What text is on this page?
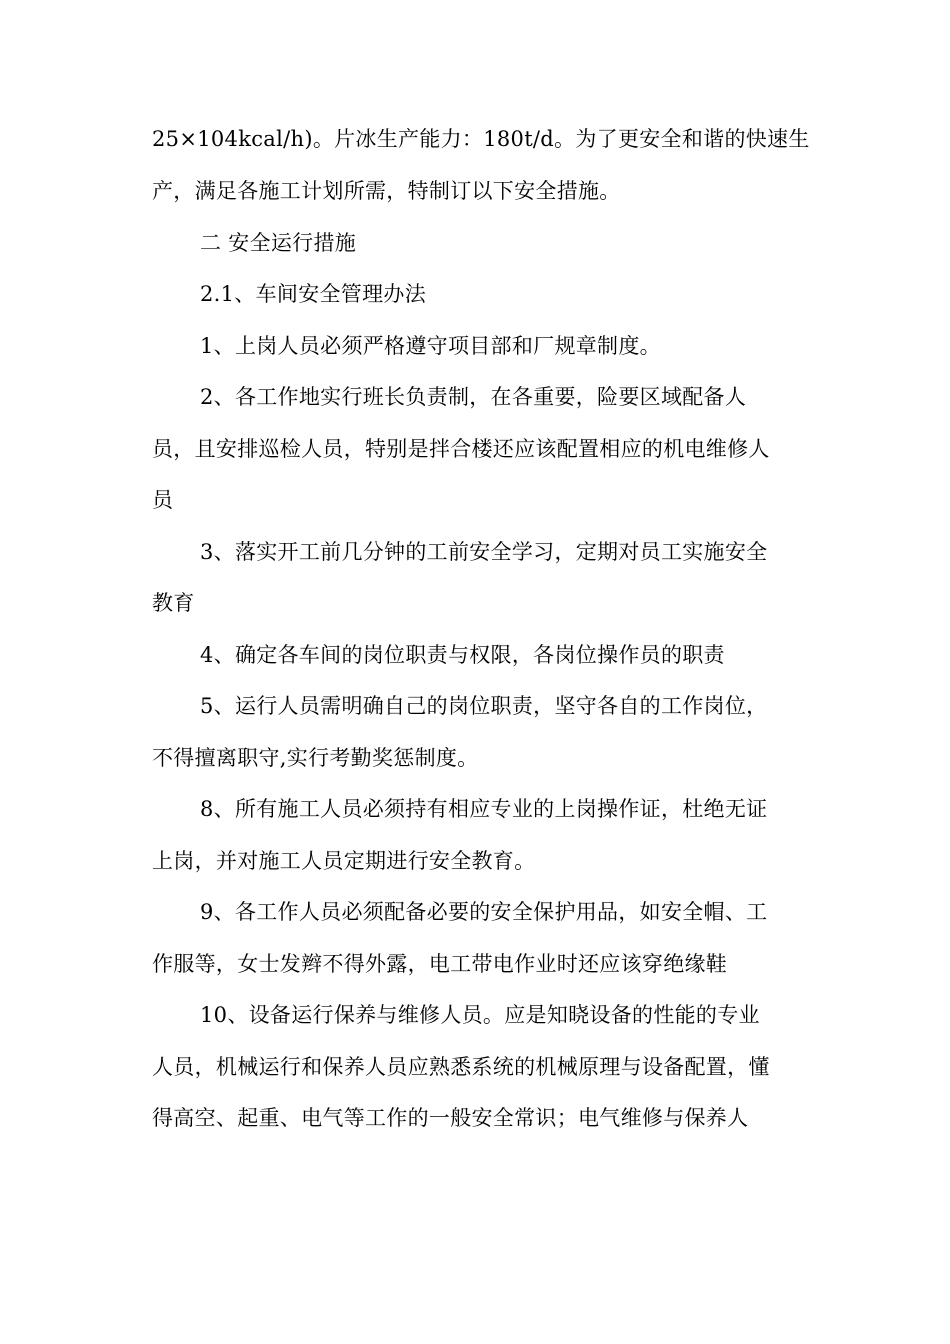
25×104kcal/h)。片冰生产能力：180t/d。为了更安全和谐的快速生
产，满足各施工计划所需，特制订以下安全措施。
二 安全运行措施
2.1、车间安全管理办法
1、上岗人员必须严格遵守项目部和厂规章制度。
2、各工作地实行班长负责制，在各重要，险要区域配备人
员，且安排巡检人员，特别是拌合楼还应该配置相应的机电维修人
员
3、落实开工前几分钟的工前安全学习，定期对员工实施安全
教育
4、确定各车间的岗位职责与权限，各岗位操作员的职责
5、运行人员需明确自己的岗位职责，坚守各自的工作岗位，
不得擅离职守,实行考勤奖惩制度。
8、所有施工人员必须持有相应专业的上岗操作证，杜绝无证
上岗，并对施工人员定期进行安全教育。
9、各工作人员必须配备必要的安全保护用品，如安全帽、工
作服等，女士发辫不得外露，电工带电作业时还应该穿绝缘鞋
10、设备运行保养与维修人员。应是知晓设备的性能的专业
人员，机械运行和保养人员应熟悉系统的机械原理与设备配置，懂
得高空、起重、电气等工作的一般安全常识；电气维修与保养人
